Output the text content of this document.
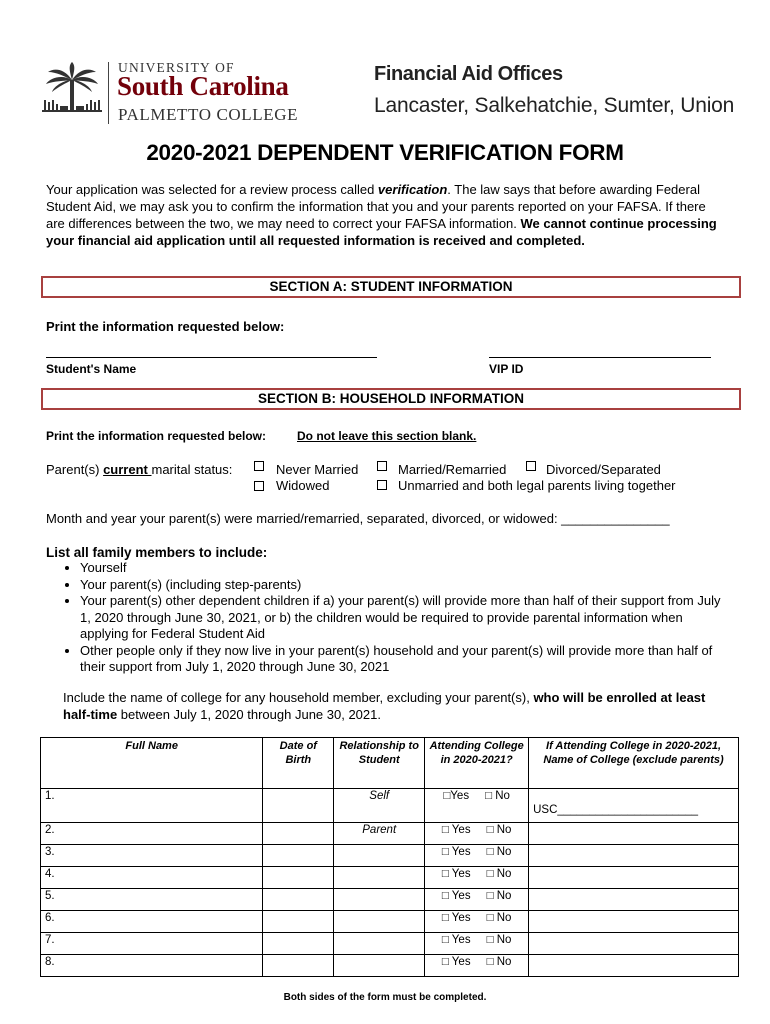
UNIVERSITY OF
South Carolina
PALMETTO COLLEGE
Financial Aid Offices
Lancaster, Salkehatchie, Sumter, Union
2020-2021 DEPENDENT VERIFICATION FORM
Your application was selected for a review process called verification. The law says that before awarding Federal Student Aid, we may ask you to confirm the information that you and your parents reported on your FAFSA. If there are differences between the two, we may need to correct your FAFSA information. We cannot continue processing your financial aid application until all requested information is received and completed.
SECTION A: STUDENT INFORMATION
Print the information requested below:
Student's Name	VIP ID
SECTION B: HOUSEHOLD INFORMATION
Print the information requested below:	Do not leave this section blank.
Parent(s) current marital status:	Never Married	Married/Remarried	Divorced/Separated
Widowed	Unmarried and both legal parents living together
Month and year your parent(s) were married/remarried, separated, divorced, or widowed: _______________
List all family members to include:
• Yourself
• Your parent(s) (including step-parents)
• Your parent(s) other dependent children if a) your parent(s) will provide more than half of their support from July 1, 2020 through June 30, 2021, or b) the children would be required to provide parental information when applying for Federal Student Aid
• Other people only if they now live in your parent(s) household and your parent(s) will provide more than half of their support from July 1, 2020 through June 30, 2021
Include the name of college for any household member, excluding your parent(s), who will be enrolled at least half-time between July 1, 2020 through June 30, 2021.
Full Name	Date of Birth	Relationship to Student	Attending College in 2020-2021?	If Attending College in 2020-2021, Name of College (exclude parents)
1.		Self	□Yes □ No	USC______________________
2.		Parent	□ Yes □ No	
3.			□ Yes □ No	
4.			□ Yes □ No	
5.			□ Yes □ No	
6.			□ Yes □ No	
7.			□ Yes □ No	
8.			□ Yes □ No	
Both sides of the form must be completed.
